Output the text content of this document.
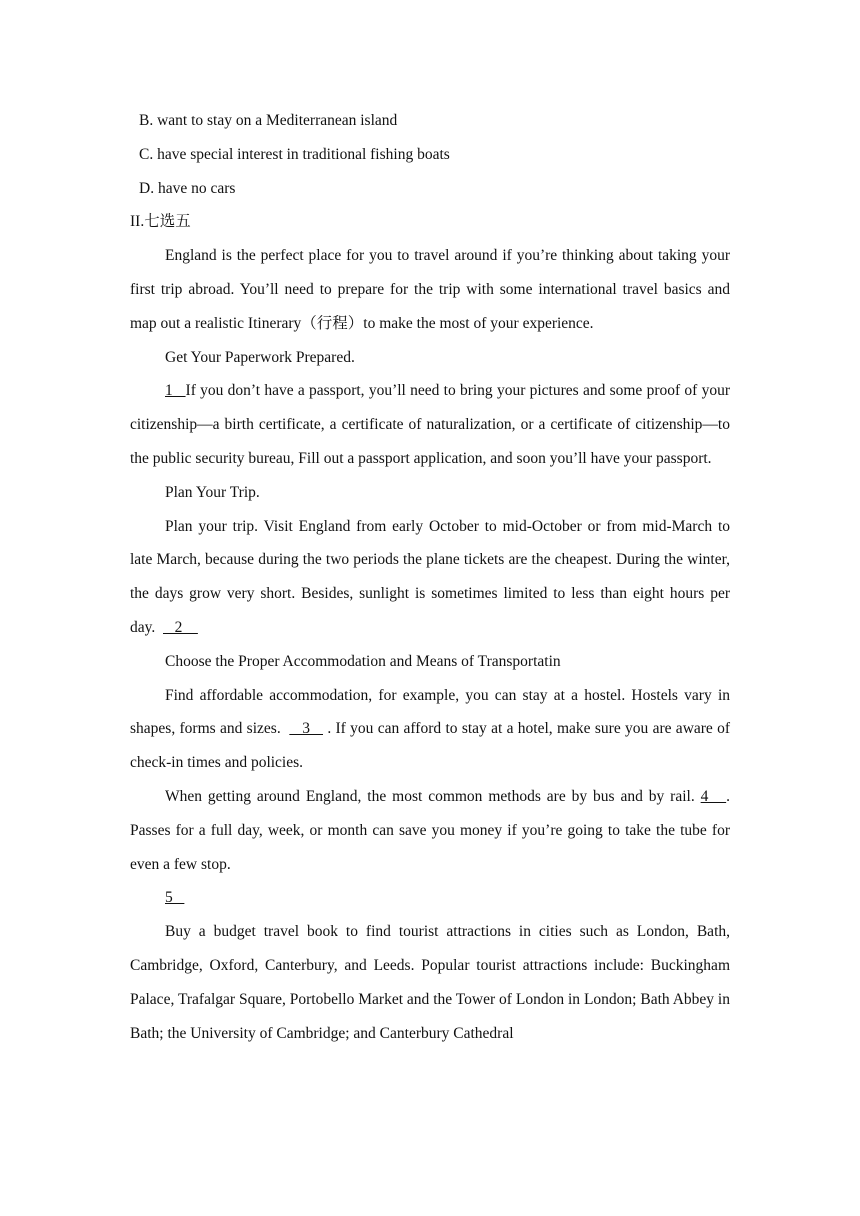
B. want to stay on a Mediterranean island

C. have special interest in traditional fishing boats

D. have no cars

II.七选五

England is the perfect place for you to travel around if you’re thinking about taking your first trip abroad. You’ll need to prepare for the trip with some international travel basics and map out a realistic Itinerary（行程）to make the most of your experience.

Get Your Paperwork Prepared.

1   If you don’t have a passport, you’ll need to bring your pictures and some proof of your citizenship—a birth certificate, a certificate of naturalization, or a certificate of citizenship—to the public security bureau, Fill out a passport application, and soon you’ll have your passport.

Plan Your Trip.

Plan your trip. Visit England from early October to mid-October or from mid-March to late March, because during the two periods the plane tickets are the cheapest. During the winter, the days grow very short. Besides, sunlight is sometimes limited to less than eight hours per day.     2

Choose the Proper Accommodation and Means of Transportatin

Find affordable accommodation, for example, you can stay at a hostel. Hostels vary in shapes, forms and sizes.     3    . If you can afford to stay at a hotel, make sure you are aware of check-in times and policies.

When getting around England, the most common methods are by bus and by rail. 4   . Passes for a full day, week, or month can save you money if you’re going to take the tube for even a few stop.

5

Buy a budget travel book to find tourist attractions in cities such as London, Bath, Cambridge, Oxford, Canterbury, and Leeds. Popular tourist attractions include: Buckingham Palace, Trafalgar Square, Portobello Market and the Tower of London in London; Bath Abbey in Bath; the University of Cambridge; and Canterbury Cathedral
